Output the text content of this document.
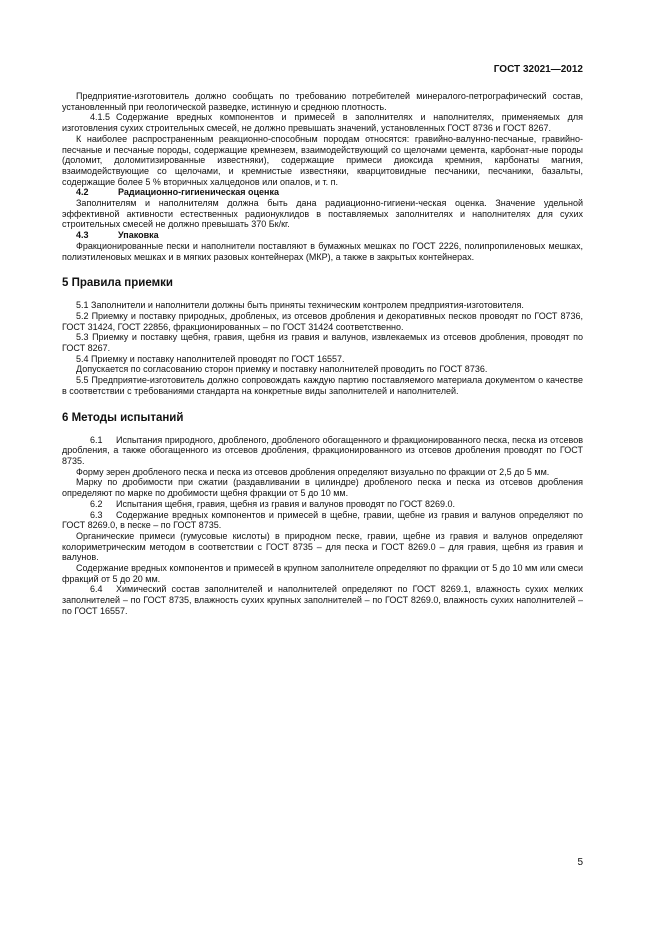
ГОСТ 32021—2012

Предприятие-изготовитель должно сообщать по требованию потребителей минералого-петрографический состав, установленный при геологической разведке, истинную и среднюю плотность.

4.1.5 Содержание вредных компонентов и примесей в заполнителях и наполнителях, применяемых для изготовления сухих строительных смесей, не должно превышать значений, установленных ГОСТ 8736 и ГОСТ 8267.

К наиболее распространенным реакционно-способным породам относятся: гравийно-валунно-песчаные, гравийно-песчаные и песчаные породы, содержащие кремнезем, взаимодействующий со щелочами цемента, карбонат-ные породы (доломит, доломитизированные известняки), содержащие примеси диоксида кремния, карбонаты магния, взаимодействующие со щелочами, и кремнистые известняки, кварцитовидные песчаники, песчаники, базальты, содержащие более 5 % вторичных халцедонов или опалов, и т. п.

4.2	Радиационно-гигиеническая оценка

Заполнителям и наполнителям должна быть дана радиационно-гигиени-ческая оценка. Значение удельной эффективной активности естественных радионуклидов в поставляемых заполнителях и наполнителях для сухих строительных смесей не должно превышать 370 Бк/кг.

4.3	Упаковка

Фракционированные пески и наполнители поставляют в бумажных мешках по ГОСТ 2226, полипропиленовых мешках, полиэтиленовых мешках и в мягких разовых контейнерах (МКР), а также в закрытых контейнерах.

5 Правила приемки

5.1 Заполнители и наполнители должны быть приняты техническим контролем предприятия-изготовителя.

5.2 Приемку и поставку природных, дробленых, из отсевов дробления и декоративных песков проводят по ГОСТ 8736, ГОСТ 31424, ГОСТ 22856, фракционированных – по ГОСТ 31424 соответственно.

5.3 Приемку и поставку щебня, гравия, щебня из гравия и валунов, извлекаемых из отсевов дробления, проводят по ГОСТ 8267.

5.4 Приемку и поставку наполнителей проводят по ГОСТ 16557.

Допускается по согласованию сторон приемку и поставку наполнителей проводить по ГОСТ 8736.

5.5 Предприятие-изготовитель должно сопровождать каждую партию поставляемого материала документом о качестве в соответствии с требованиями стандарта на конкретные виды заполнителей и наполнителей.

6 Методы испытаний

6.1 Испытания природного, дробленого, дробленого обогащенного и фракционированного песка, песка из отсевов дробления, а также обогащенного из отсевов дробления, фракционированного из отсевов дробления проводят по ГОСТ 8735.

Форму зерен дробленого песка и песка из отсевов дробления определяют визуально по фракции от 2,5 до 5 мм.

Марку по дробимости при сжатии (раздавливании в цилиндре) дробленого песка и песка из отсевов дробления определяют по марке по дробимости щебня фракции от 5 до 10 мм.

6.2 Испытания щебня, гравия, щебня из гравия и валунов проводят по ГОСТ 8269.0.

6.3 Содержание вредных компонентов и примесей в щебне, гравии, щебне из гравия и валунов определяют по ГОСТ 8269.0, в песке – по ГОСТ 8735.

Органические примеси (гумусовые кислоты) в природном песке, гравии, щебне из гравия и валунов определяют колориметрическим методом в соответствии с ГОСТ 8735 – для песка и ГОСТ 8269.0 – для гравия, щебня из гравия и валунов.

Содержание вредных компонентов и примесей в крупном заполнителе определяют по фракции от 5 до 10 мм или смеси фракций от 5 до 20 мм.

6.4 Химический состав заполнителей и наполнителей определяют по ГОСТ 8269.1, влажность сухих мелких заполнителей – по ГОСТ 8735, влажность сухих крупных заполнителей – по ГОСТ 8269.0, влажность сухих наполнителей – по ГОСТ 16557.

5
